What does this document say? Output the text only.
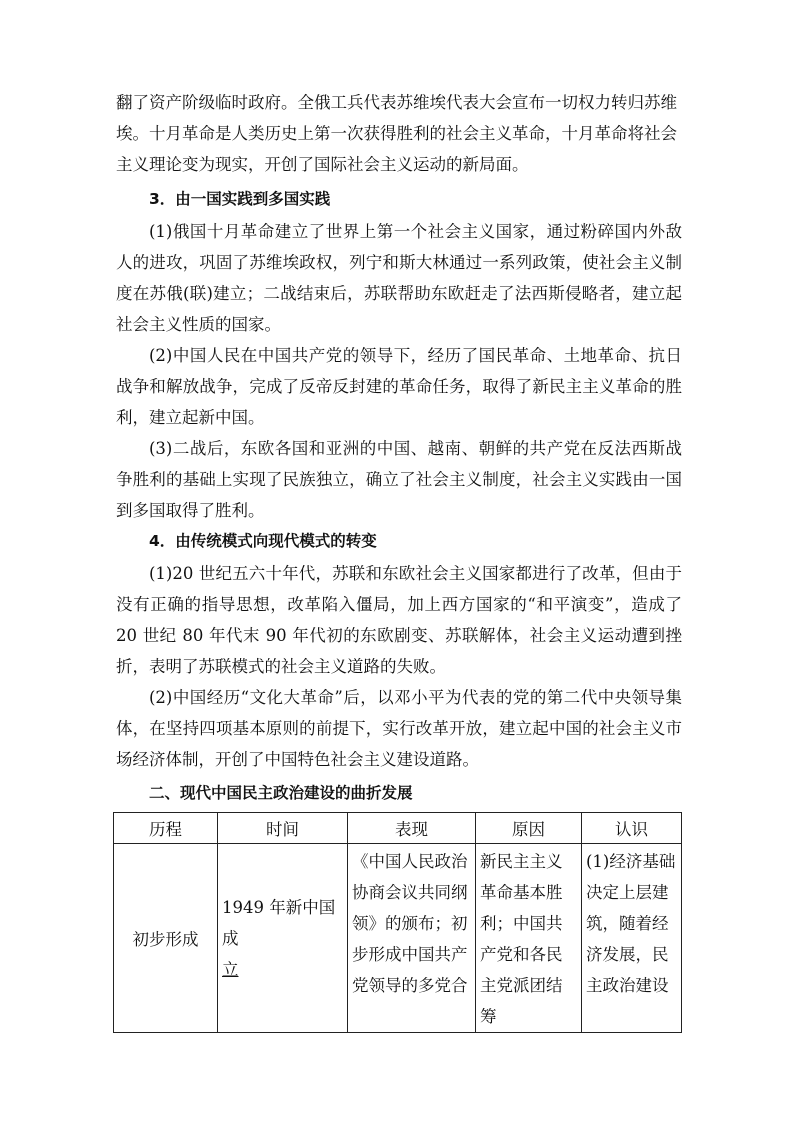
翻了资产阶级临时政府。全俄工兵代表苏维埃代表大会宣布一切权力转归苏维
埃。十月革命是人类历史上第一次获得胜利的社会主义革命，十月革命将社会
主义理论变为现实，开创了国际社会主义运动的新局面。

3．由一国实践到多国实践

(1)俄国十月革命建立了世界上第一个社会主义国家，通过粉碎国内外敌人的进攻，巩固了苏维埃政权，列宁和斯大林通过一系列政策，使社会主义制度在苏俄(联)建立；二战结束后，苏联帮助东欧赶走了法西斯侵略者，建立起社会主义性质的国家。

(2)中国人民在中国共产党的领导下，经历了国民革命、土地革命、抗日战争和解放战争，完成了反帝反封建的革命任务，取得了新民主主义革命的胜利，建立起新中国。

(3)二战后，东欧各国和亚洲的中国、越南、朝鲜的共产党在反法西斯战争胜利的基础上实现了民族独立，确立了社会主义制度，社会主义实践由一国到多国取得了胜利。

4．由传统模式向现代模式的转变

(1)20 世纪五六十年代，苏联和东欧社会主义国家都进行了改革，但由于没有正确的指导思想，改革陷入僵局，加上西方国家的“和平演变”，造成了 20 世纪 80 年代末 90 年代初的东欧剧变、苏联解体，社会主义运动遭到挫折，表明了苏联模式的社会主义道路的失败。

(2)中国经历“文化大革命”后，以邓小平为代表的党的第二代中央领导集体，在坚持四项基本原则的前提下，实行改革开放，建立起中国的社会主义市场经济体制，开创了中国特色社会主义建设道路。

二、现代中国民主政治建设的曲折发展

历程	时间	表现	原因	认识
初步形成	1949 年新中国成
立	《中国人民政治协商会议共同纲领》的颁布；初步形成中国共产党领导的多党合	新民主主义革命基本胜利；中国共产党和各民主党派团结筹	(1)经济基础决定上层建筑，随着经济发展，民主政治建设
